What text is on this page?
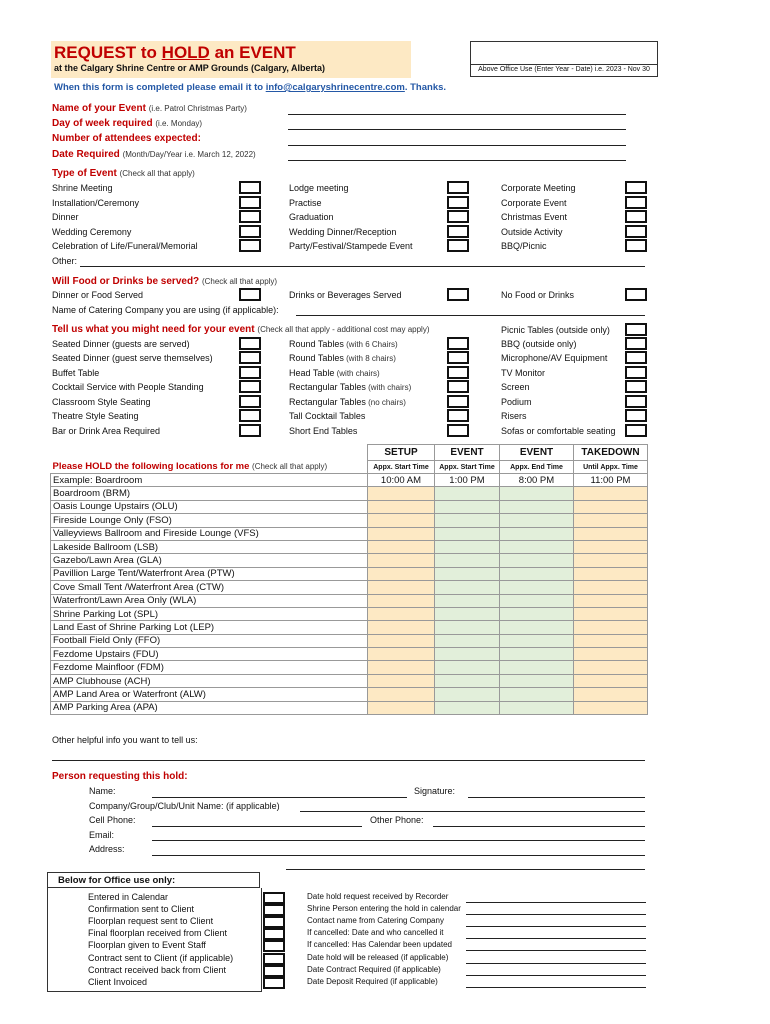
REQUEST to HOLD an EVENT
at the Calgary Shrine Centre or AMP Grounds (Calgary, Alberta)	Above Office Use (Enter Year - Date) i.e. 2023 - Nov 30
When this form is completed please email it to info@calgaryshrinecentre.com. Thanks.
Name of your Event (i.e. Patrol Christmas Party)
Day of week required (i.e. Monday)
Number of attendees expected:
Date Required (Month/Day/Year i.e. March 12, 2022)
Type of Event (Check all that apply)
Shrine Meeting
Installation/Ceremony
Dinner
Wedding Ceremony
Celebration of Life/Funeral/Memorial
Lodge meeting
Practise
Graduation
Wedding Dinner/Reception
Party/Festival/Stampede Event
Corporate Meeting
Corporate Event
Christmas Event
Outside Activity
BBQ/Picnic
Other:
Will Food or Drinks be served? (Check all that apply)
Dinner or Food Served	Drinks or Beverages Served	No Food or Drinks
Name of Catering Company you are using (if applicable):
Tell us what you might need for your event (Check all that apply - additional cost may apply)
Seated Dinner (guests are served)
Seated Dinner (guest serve themselves)
Buffet Table
Cocktail Service with People Standing
Classroom Style Seating
Theatre Style Seating
Bar or Drink Area Required
Round Tables (with 6 Chairs)
Round Tables (with 8 chairs)
Head Table (with chairs)
Rectangular Tables (with chairs)
Rectangular Tables (no chairs)
Tall Cocktail Tables
Short End Tables
Picnic Tables (outside only)
BBQ (outside only)
Microphone/AV Equipment
TV Monitor
Screen
Podium
Risers
Sofas or comfortable seating
Please HOLD the following locations for me (Check all that apply)	SETUP	EVENT	EVENT	TAKEDOWN
	Appx. Start Time	Appx. Start Time	Appx. End Time	Until Appx. Time
Example: Boardroom	10:00 AM	1:00 PM	8:00 PM	11:00 PM
Boardroom (BRM)				
Oasis Lounge Upstairs (OLU)				
Fireside Lounge Only (FSO)				
Valleyviews Ballroom and Fireside Lounge (VFS)				
Lakeside Ballroom (LSB)				
Gazebo/Lawn Area (GLA)				
Pavillion Large Tent/Waterfront Area (PTW)				
Cove Small Tent /Waterfront Area (CTW)				
Waterfront/Lawn Area Only (WLA)				
Shrine Parking Lot (SPL)				
Land East of Shrine Parking Lot (LEP)				
Football Field Only (FFO)				
Fezdome Upstairs (FDU)				
Fezdome Mainfloor (FDM)				
AMP Clubhouse (ACH)				
AMP Land Area or Waterfront (ALW)				
AMP Parking Area (APA)				
Other helpful info you want to tell us:
Person requesting this hold:
Name:	Signature:
Company/Group/Club/Unit Name: (if applicable)
Cell Phone:	Other Phone:
Email:
Address:
Below for Office use only:
Entered in Calendar	Date hold request received by Recorder
Confirmation sent to Client	Shrine Person entering the hold in calendar
Floorplan request sent to Client	Contact name from Catering Company
Final floorplan received from Client	If cancelled: Date and who cancelled it
Floorplan given to Event Staff	If cancelled: Has Calendar been updated
Contract sent to Client (if applicable)	Date hold will be released (if applicable)
Contract received back from Client	Date Contract Required (if applicable)
Client Invoiced	Date Deposit Required (if applicable)
